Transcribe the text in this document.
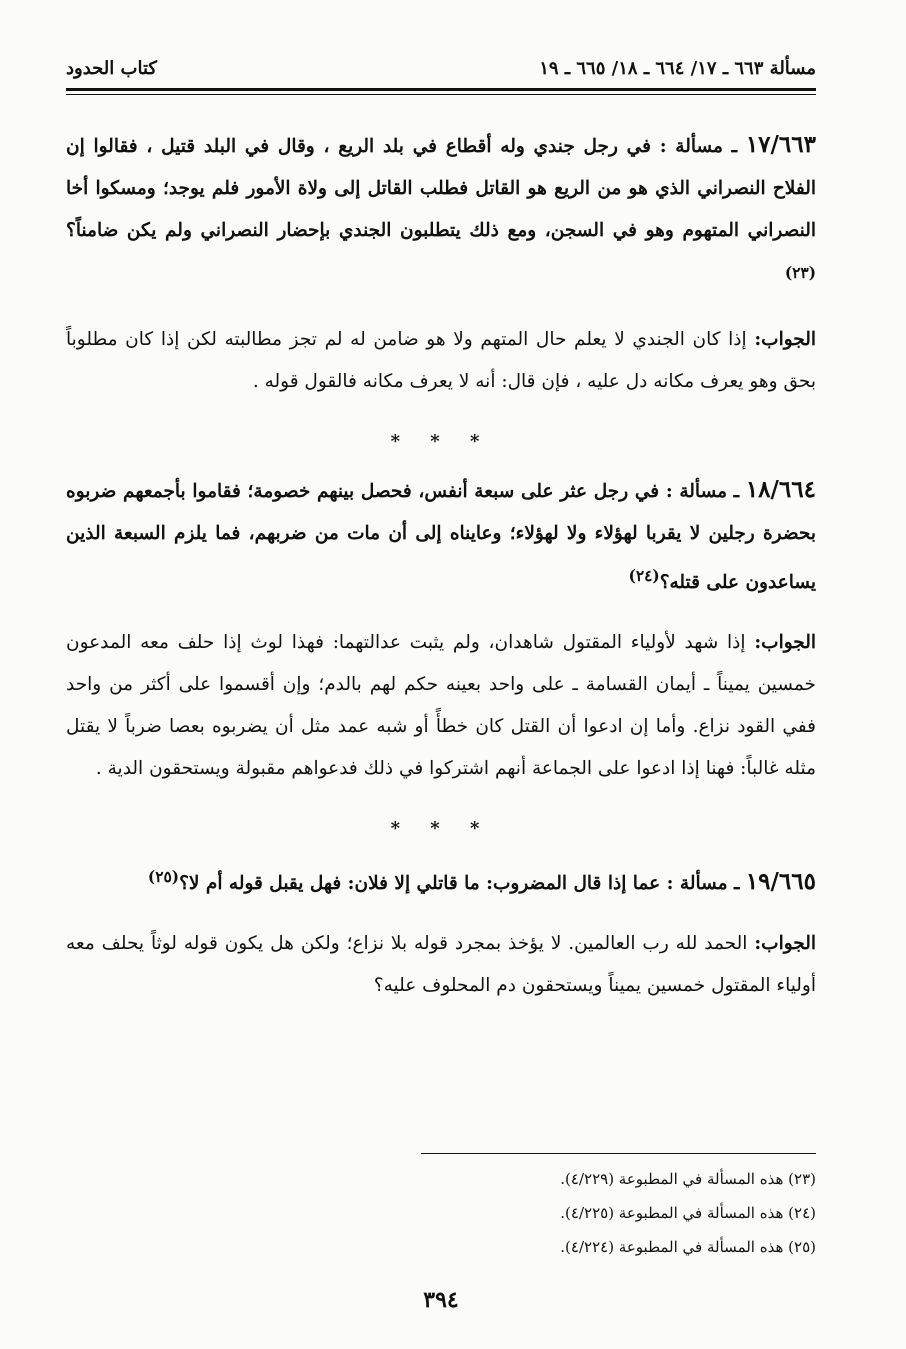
مسألة ٦٦٣ ـ ١٧/ ٦٦٤ ـ ١٨/ ٦٦٥ ـ ١٩
كتاب الحدود

١٧/٦٦٣ ـ مسألة : في رجل جندي وله أقطاع في بلد الريع ، وقال في البلد قتيل ، فقالوا إن الفلاح النصراني الذي هو من الريع هو القاتل فطلب القاتل إلى ولاة الأمور فلم يوجد؛ ومسكوا أخا النصراني المتهوم وهو في السجن، ومع ذلك يتطلبون الجندي بإحضار النصراني ولم يكن ضامناً؟$^{(٢٣)}$

الجواب: إذا كان الجندي لا يعلم حال المتهم ولا هو ضامن له لم تجز مطالبته لكن إذا كان مطلوباً بحق وهو يعرف مكانه دل عليه ، فإن قال: أنه لا يعرف مكانه فالقول قوله .

* * *

١٨/٦٦٤ ـ مسألة : في رجل عثر على سبعة أنفس، فحصل بينهم خصومة؛ فقاموا بأجمعهم ضربوه بحضرة رجلين لا يقربا لهؤلاء ولا لهؤلاء؛ وعايناه إلى أن مات من ضربهم، فما يلزم السبعة الذين يساعدون على قتله؟$^{(٢٤)}$

الجواب: إذا شهد لأولياء المقتول شاهدان، ولم يثبت عدالتهما: فهذا لوث إذا حلف معه المدعون خمسين يميناً ـ أيمان القسامة ـ على واحد بعينه حكم لهم بالدم؛ وإن أقسموا على أكثر من واحد ففي القود نزاع. وأما إن ادعوا أن القتل كان خطأً أو شبه عمد مثل أن يضربوه بعصا ضرباً لا يقتل مثله غالباً: فهنا إذا ادعوا على الجماعة أنهم اشتركوا في ذلك فدعواهم مقبولة ويستحقون الدية .

* * *

١٩/٦٦٥ ـ مسألة : عما إذا قال المضروب: ما قاتلي إلا فلان: فهل يقبل قوله أم لا؟$^{(٢٥)}$

الجواب: الحمد لله رب العالمين. لا يؤخذ بمجرد قوله بلا نزاع؛ ولكن هل يكون قوله لوثاً يحلف معه أولياء المقتول خمسين يميناً ويستحقون دم المحلوف عليه؟

(٢٣) هذه المسألة في المطبوعة (٤/٢٢٩).
(٢٤) هذه المسألة في المطبوعة (٤/٢٢٥).
(٢٥) هذه المسألة في المطبوعة (٤/٢٢٤).
٣٩٤
